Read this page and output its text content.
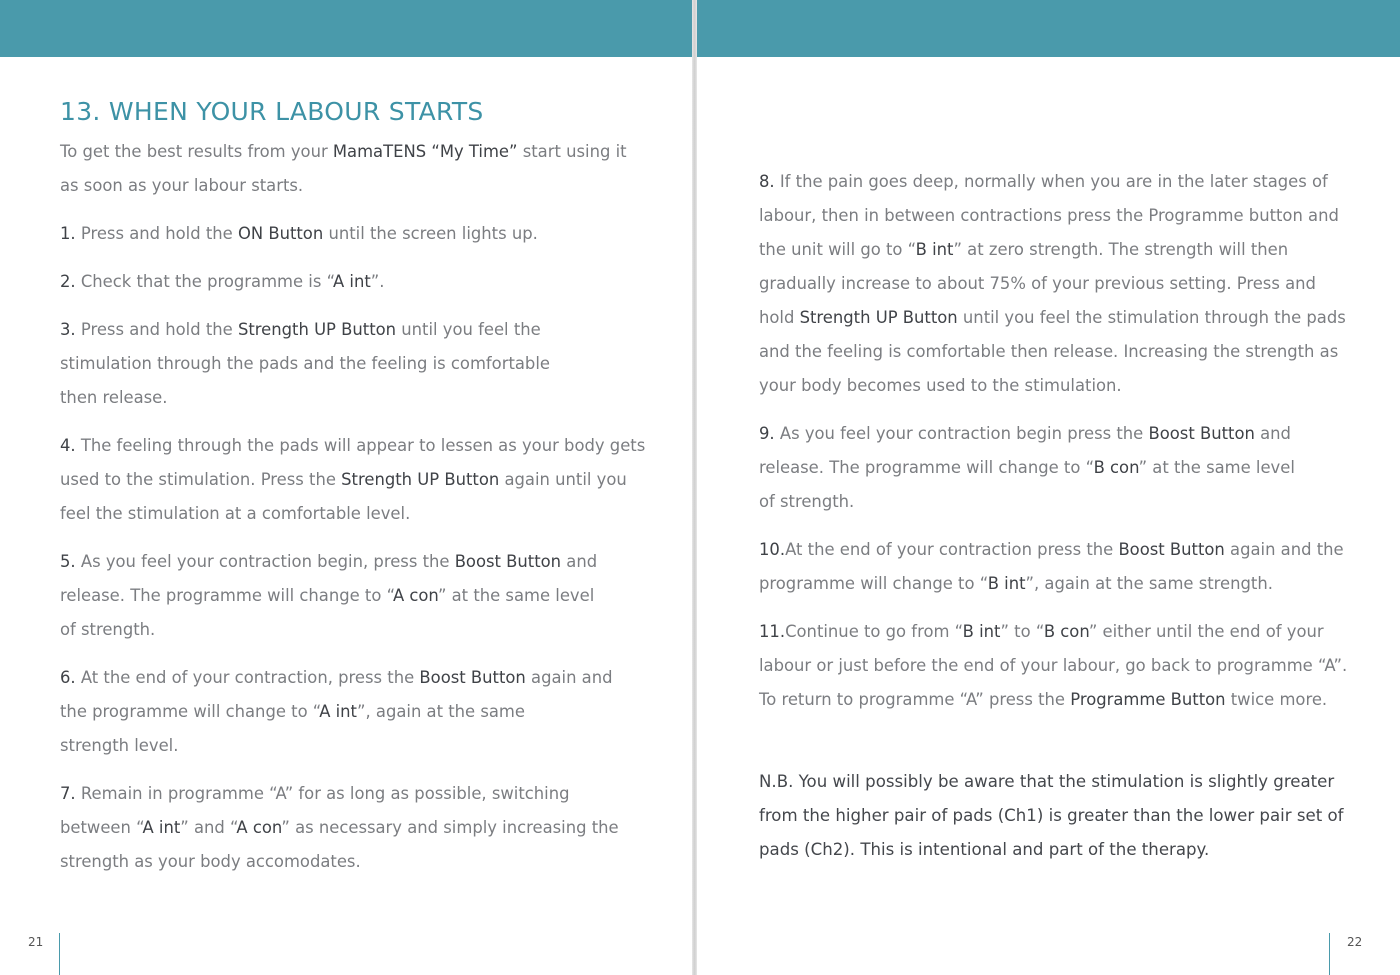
13. WHEN YOUR LABOUR STARTS

To get the best results from your MamaTENS “My Time” start using it as soon as your labour starts.

1. Press and hold the ON Button until the screen lights up.

2. Check that the programme is “A int”.

3. Press and hold the Strength UP Button until you feel the stimulation through the pads and the feeling is comfortable
then release.

4. The feeling through the pads will appear to lessen as your body gets used to the stimulation. Press the Strength UP Button again until you feel the stimulation at a comfortable level.

5. As you feel your contraction begin, press the Boost Button and release. The programme will change to “A con” at the same level
of strength.

6. At the end of your contraction, press the Boost Button again and the programme will change to “A int”, again at the same
strength level.

7. Remain in programme “A” for as long as possible, switching between “A int” and “A con” as necessary and simply increasing the strength as your body accomodates.

21

8. If the pain goes deep, normally when you are in the later stages of labour, then in between contractions press the Programme button and the unit will go to “B int” at zero strength. The strength will then gradually increase to about 75% of your previous setting. Press and hold Strength UP Button until you feel the stimulation through the pads and the feeling is comfortable then release. Increasing the strength as your body becomes used to the stimulation.

9. As you feel your contraction begin press the Boost Button and release. The programme will change to “B con” at the same level
of strength.

10.At the end of your contraction press the Boost Button again and the programme will change to “B int”, again at the same strength.

11.Continue to go from “B int” to “B con” either until the end of your labour or just before the end of your labour, go back to programme “A”. To return to programme “A” press the Programme Button twice more.

N.B. You will possibly be aware that the stimulation is slightly greater from the higher pair of pads (Ch1) is greater than the lower pair set of pads (Ch2). This is intentional and part of the therapy.

22
